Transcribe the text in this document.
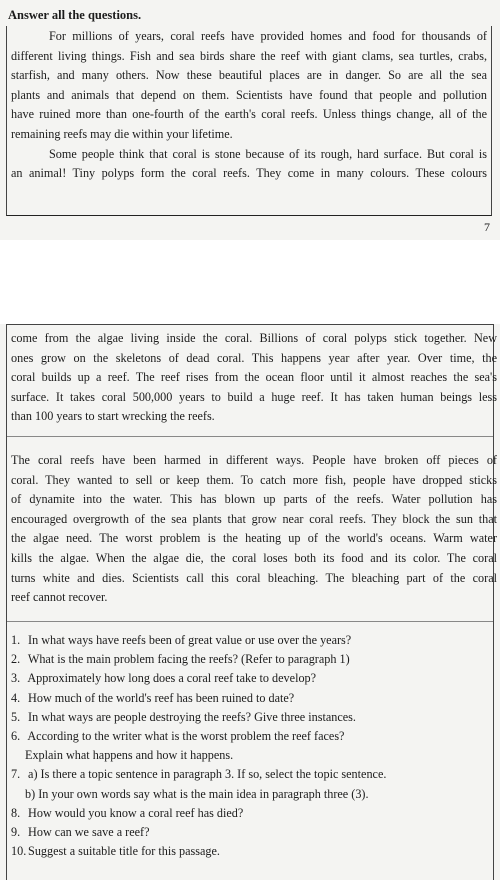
Answer all the questions.
For millions of years, coral reefs have provided homes and food for thousands of
different living things. Fish and sea birds share the reef with giant clams, sea turtles, crabs,
starfish, and many others. Now these beautiful places are in danger. So are all the sea
plants and animals that depend on them. Scientists have found that people and pollution
have ruined more than one-fourth of the earth's coral reefs. Unless things change, all of the
remaining reefs may die within your lifetime.
Some people think that coral is stone because of its rough, hard surface. But coral is
an animal! Tiny polyps form the coral reefs. They come in many colours. These colours
7
come from the algae living inside the coral. Billions of coral polyps stick together. New
ones grow on the skeletons of dead coral. This happens year after year. Over time, the
coral builds up a reef. The reef rises from the ocean floor until it almost reaches the sea's
surface. It takes coral 500,000 years to build a huge reef. It has taken human beings less
than 100 years to start wrecking the reefs.
The coral reefs have been harmed in different ways. People have broken off pieces of
coral. They wanted to sell or keep them. To catch more fish, people have dropped sticks
of dynamite into the water. This has blown up parts of the reefs. Water pollution has
encouraged overgrowth of the sea plants that grow near coral reefs. They block the sun that
the algae need. The worst problem is the heating up of the world's oceans. Warm water
kills the algae. When the algae die, the coral loses both its food and its color. The coral
turns white and dies. Scientists call this coral bleaching. The bleaching part of the coral
reef cannot recover.
1. In what ways have reefs been of great value or use over the years?
2. What is the main problem facing the reefs? (Refer to paragraph 1)
3. Approximately how long does a coral reef take to develop?
4. How much of the world's reef has been ruined to date?
5. In what ways are people destroying the reefs? Give three instances.
6. According to the writer what is the worst problem the reef faces?
Explain what happens and how it happens.
7. a) Is there a topic sentence in paragraph 3. If so, select the topic sentence.
b) In your own words say what is the main idea in paragraph three (3).
8. How would you know a coral reef has died?
9. How can we save a reef?
10. Suggest a suitable title for this passage.
